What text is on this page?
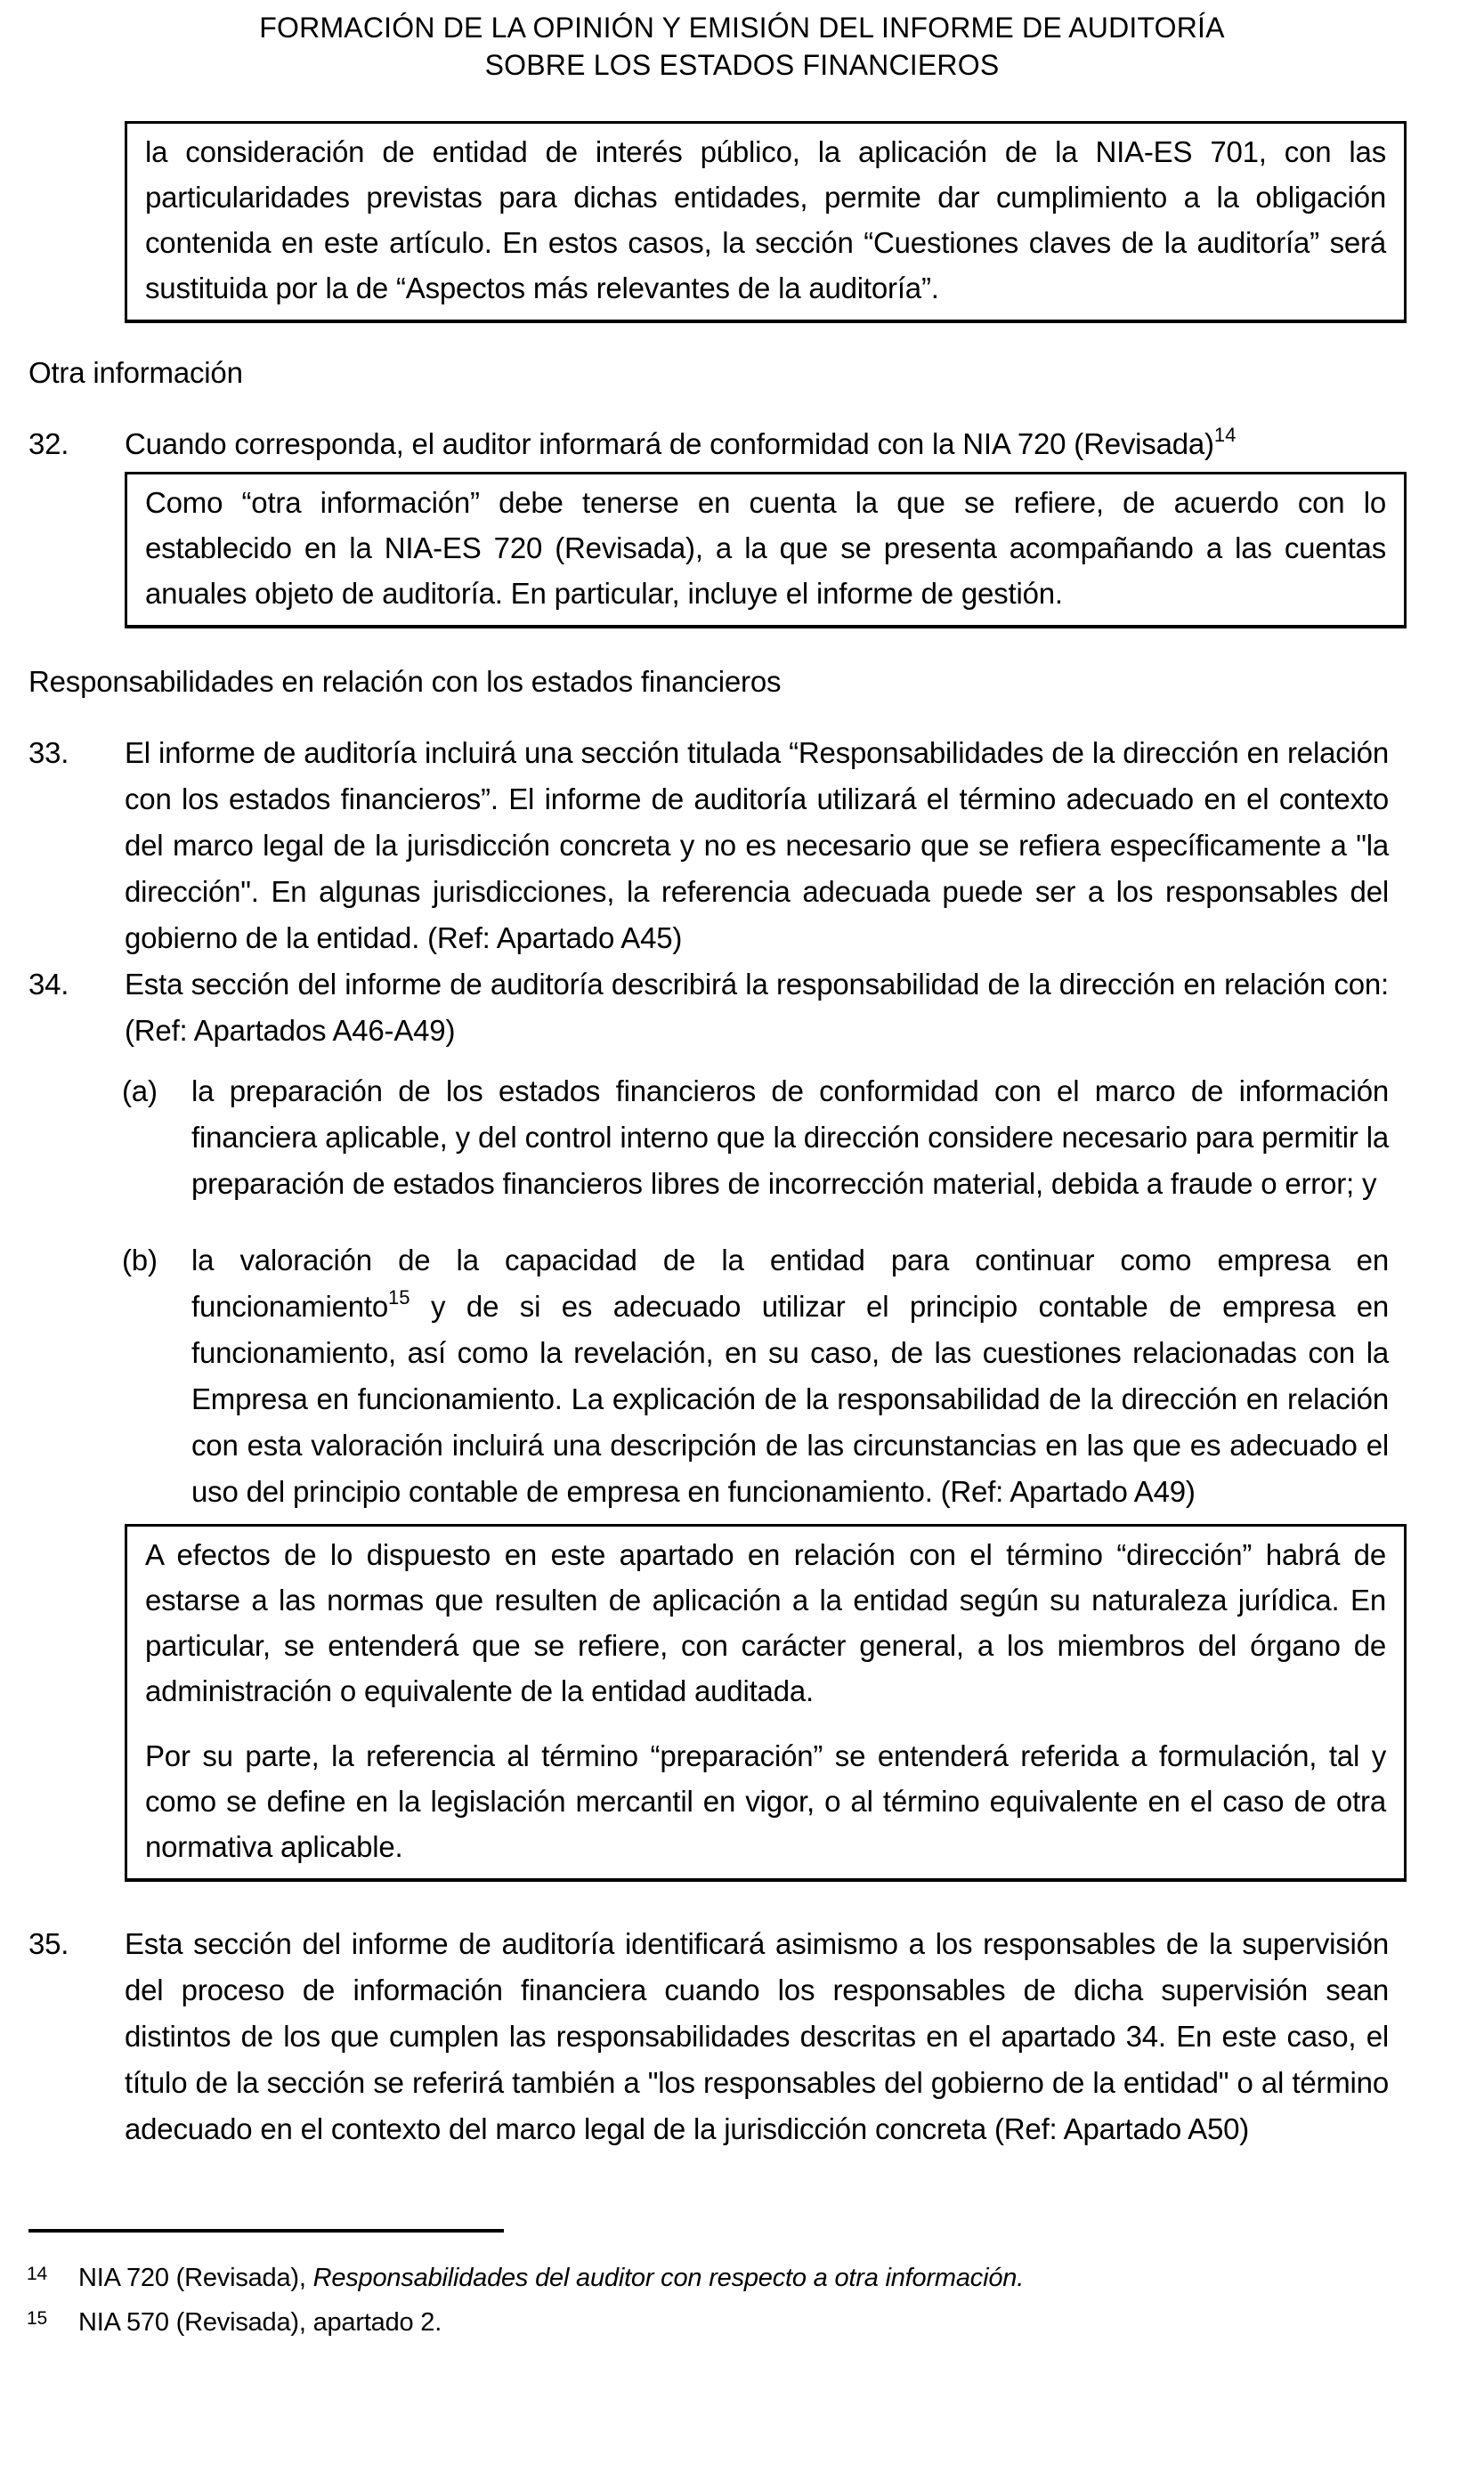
FORMACIÓN DE LA OPINIÓN Y EMISIÓN DEL INFORME DE AUDITORÍA
SOBRE LOS ESTADOS FINANCIEROS

la consideración de entidad de interés público, la aplicación de la NIA-ES 701, con las particularidades previstas para dichas entidades, permite dar cumplimiento a la obligación contenida en este artículo. En estos casos, la sección “Cuestiones claves de la auditoría” será sustituida por la de “Aspectos más relevantes de la auditoría”.

Otra información
32. Cuando corresponda, el auditor informará de conformidad con la NIA 720 (Revisada)$^{14}$

Como “otra información” debe tenerse en cuenta la que se refiere, de acuerdo con lo establecido en la NIA-ES 720 (Revisada), a la que se presenta acompañando a las cuentas anuales objeto de auditoría. En particular, incluye el informe de gestión.

Responsabilidades en relación con los estados financieros
33. El informe de auditoría incluirá una sección titulada “Responsabilidades de la dirección en relación con los estados financieros”. El informe de auditoría utilizará el término adecuado en el contexto del marco legal de la jurisdicción concreta y no es necesario que se refiera específicamente a "la dirección". En algunas jurisdicciones, la referencia adecuada puede ser a los responsables del gobierno de la entidad. (Ref: Apartado A45)
34. Esta sección del informe de auditoría describirá la responsabilidad de la dirección en relación con: (Ref: Apartados A46-A49)
(a) la preparación de los estados financieros de conformidad con el marco de información financiera aplicable, y del control interno que la dirección considere necesario para permitir la preparación de estados financieros libres de incorrección material, debida a fraude o error; y
(b) la valoración de la capacidad de la entidad para continuar como empresa en funcionamiento$^{15}$ y de si es adecuado utilizar el principio contable de empresa en funcionamiento, así como la revelación, en su caso, de las cuestiones relacionadas con la Empresa en funcionamiento. La explicación de la responsabilidad de la dirección en relación con esta valoración incluirá una descripción de las circunstancias en las que es adecuado el uso del principio contable de empresa en funcionamiento. (Ref: Apartado A49)

A efectos de lo dispuesto en este apartado en relación con el término “dirección” habrá de estarse a las normas que resulten de aplicación a la entidad según su naturaleza jurídica. En particular, se entenderá que se refiere, con carácter general, a los miembros del órgano de administración o equivalente de la entidad auditada.

Por su parte, la referencia al término “preparación” se entenderá referida a formulación, tal y como se define en la legislación mercantil en vigor, o al término equivalente en el caso de otra normativa aplicable.

35. Esta sección del informe de auditoría identificará asimismo a los responsables de la supervisión del proceso de información financiera cuando los responsables de dicha supervisión sean distintos de los que cumplen las responsabilidades descritas en el apartado 34. En este caso, el título de la sección se referirá también a "los responsables del gobierno de la entidad" o al término adecuado en el contexto del marco legal de la jurisdicción concreta (Ref: Apartado A50)
14 NIA 720 (Revisada), Responsabilidades del auditor con respecto a otra información.
15 NIA 570 (Revisada), apartado 2.
